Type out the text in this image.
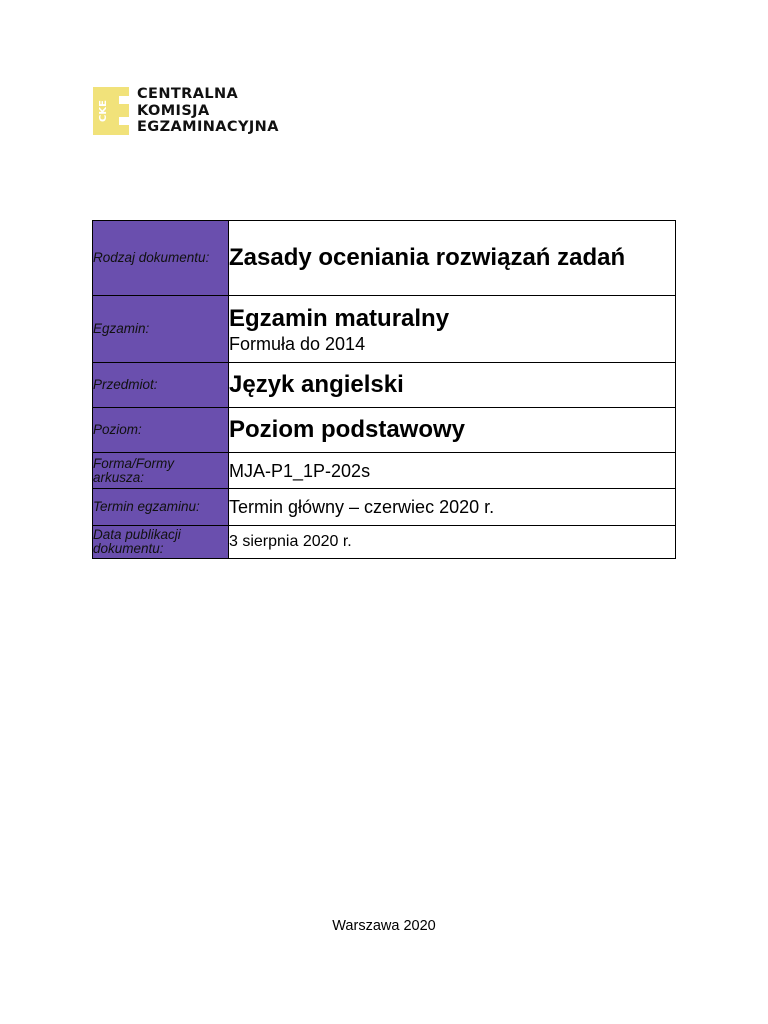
CKE
CENTRALNA
KOMISJA
EGZAMINACYJNA
Rodzaj dokumentu:	Zasady oceniania rozwiązań zadań

Egzamin:	Egzamin maturalny
Formuła do 2014

Przedmiot:	Język angielski

Poziom:	Poziom podstawowy

Forma/Formy arkusza:	MJA-P1_1P-202s

Termin egzaminu:	Termin główny – czerwiec 2020 r.

Data publikacji dokumentu:	3 sierpnia 2020 r.
Warszawa 2020
